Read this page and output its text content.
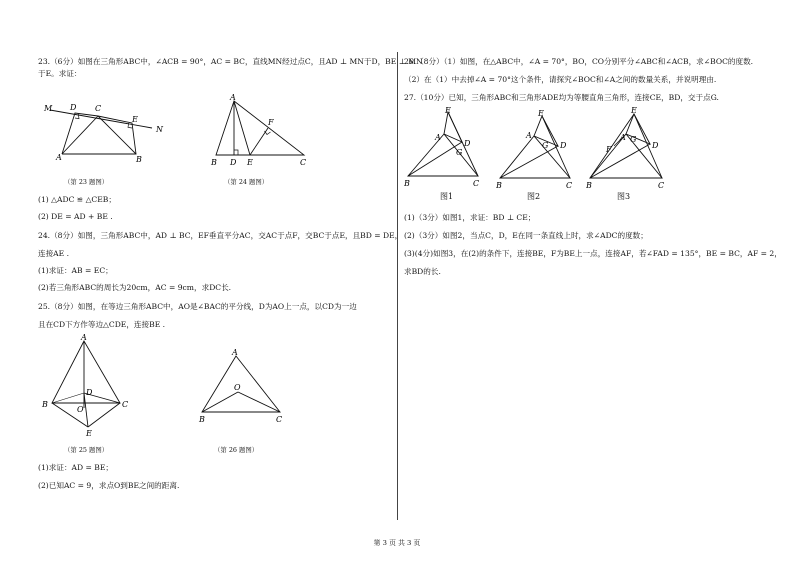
23.（6分）如图在三角形ABC中，∠ACB = 90°，AC = BC，直线MN经过点C，且AD ⊥ MN于D，BE ⊥ MN
于E。求证：
M	C
D
E
N
A	B
（第 23 题图）
A
F
B D E	C
（第 24 题图）
(1) △ADC ≌ △CEB；
(2) DE = AD + BE .
24.（8分）如图，三角形ABC中，AD ⊥ BC，EF垂直平分AC，交AC于点F，交BC于点E，且BD = DE，
连接AE .
(1)求证：AB = EC；
(2)若三角形ABC的周长为20cm，AC = 9cm，求DC长.
25.（8分）如图，在等边三角形ABC中，AO是∠BAC的平分线，D为AO上一点，以CD为一边
且在CD下方作等边△CDE，连接BE .
A
B
D
O
C
E
（第 25 题图）
A
O
B	C
（第 26 题图）
(1)求证：AD = BE；
(2)已知AC = 9，求点O到BE之间的距离.
26.（8分）（1）如图，在△ABC中，∠A = 70°，BO，CO分别平分∠ABC和∠ACB，求∠BOC的度数.
（2）在（1）中去掉∠A = 70°这个条件，请探究∠BOC和∠A之间的数量关系，并说明理由.
27.（10分）已知，三角形ABC和三角形ADE均为等腰直角三角形，连接CE，BD，交于点G.
E
A
D
G
B	C
图1
E
A
D
G
B	C
图2
E
A
F
G
D
B	C
图3
(1)（3分）如图1，求证：BD ⊥ CE；
(2)（3分）如图2，当点C，D，E在同一条直线上时，求∠ADC的度数；
(3)(4分)如图3，在(2)的条件下，连接BE，F为BE上一点，连接AF，若∠FAD = 135°，BE = BC，AF = 2，
求BD的长.
第 3 页 共 3 页
